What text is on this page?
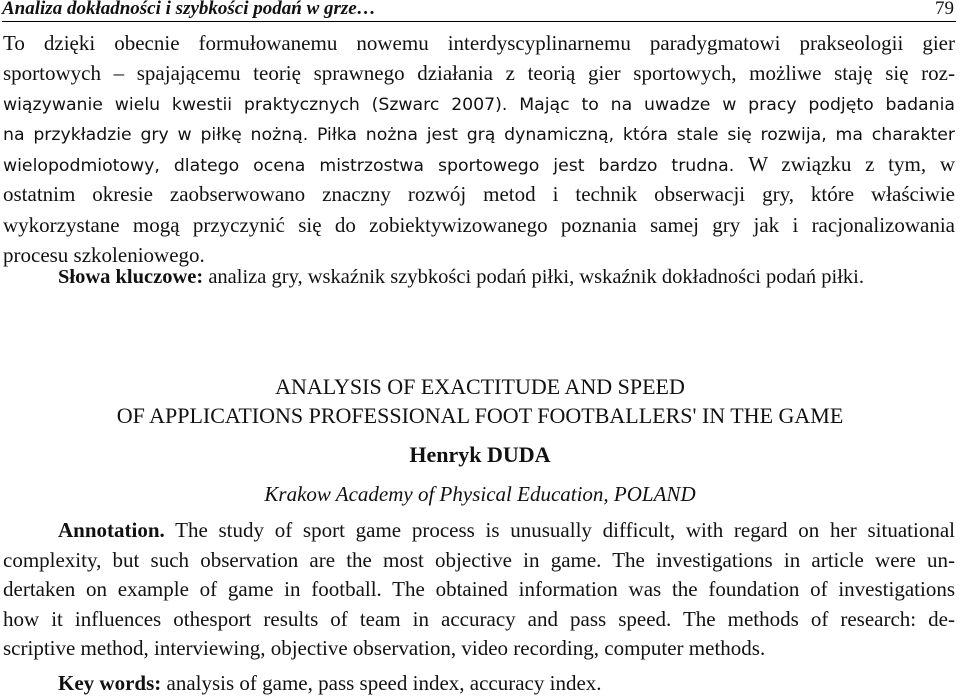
Analiza dokładności i szybkości podań w grze…	79
To dzięki obecnie formułowanemu nowemu interdyscyplinarnemu paradygmatowi prakseologii gier
sportowych – spajającemu teorię sprawnego działania z teorią gier sportowych, możliwe staję się roz-
wiązywanie wielu kwestii praktycznych (Szwarc 2007). Mając to na uwadze w pracy podjęto badania
na przykładzie gry w piłkę nożną. Piłka nożna jest grą dynamiczną, która stale się rozwija, ma charakter
wielopodmiotowy, dlatego ocena mistrzostwa sportowego jest bardzo trudna. W związku z tym, w
ostatnim okresie zaobserwowano znaczny rozwój metod i technik obserwacji gry, które właściwie
wykorzystane mogą przyczynić się do zobiektywizowanego poznania samej gry jak i racjonalizowania
procesu szkoleniowego.
Słowa kluczowe: analiza gry, wskaźnik szybkości podań piłki, wskaźnik dokładności podań piłki.
ANALYSIS OF EXACTITUDE AND SPEED
OF APPLICATIONS PROFESSIONAL FOOT FOOTBALLERS' IN THE GAME
Henryk DUDA
Krakow Academy of Physical Education, POLAND
Annotation. The study of sport game process is unusually difficult, with regard on her situational
complexity, but such observation are the most objective in game. The investigations in article were un-
dertaken on example of game in football. The obtained information was the foundation of investigations
how it influences othesport results of team in accuracy and pass speed. The methods of research: de-
scriptive method, interviewing, objective observation, video recording, computer methods.
Key words: analysis of game, pass speed index, accuracy index.
